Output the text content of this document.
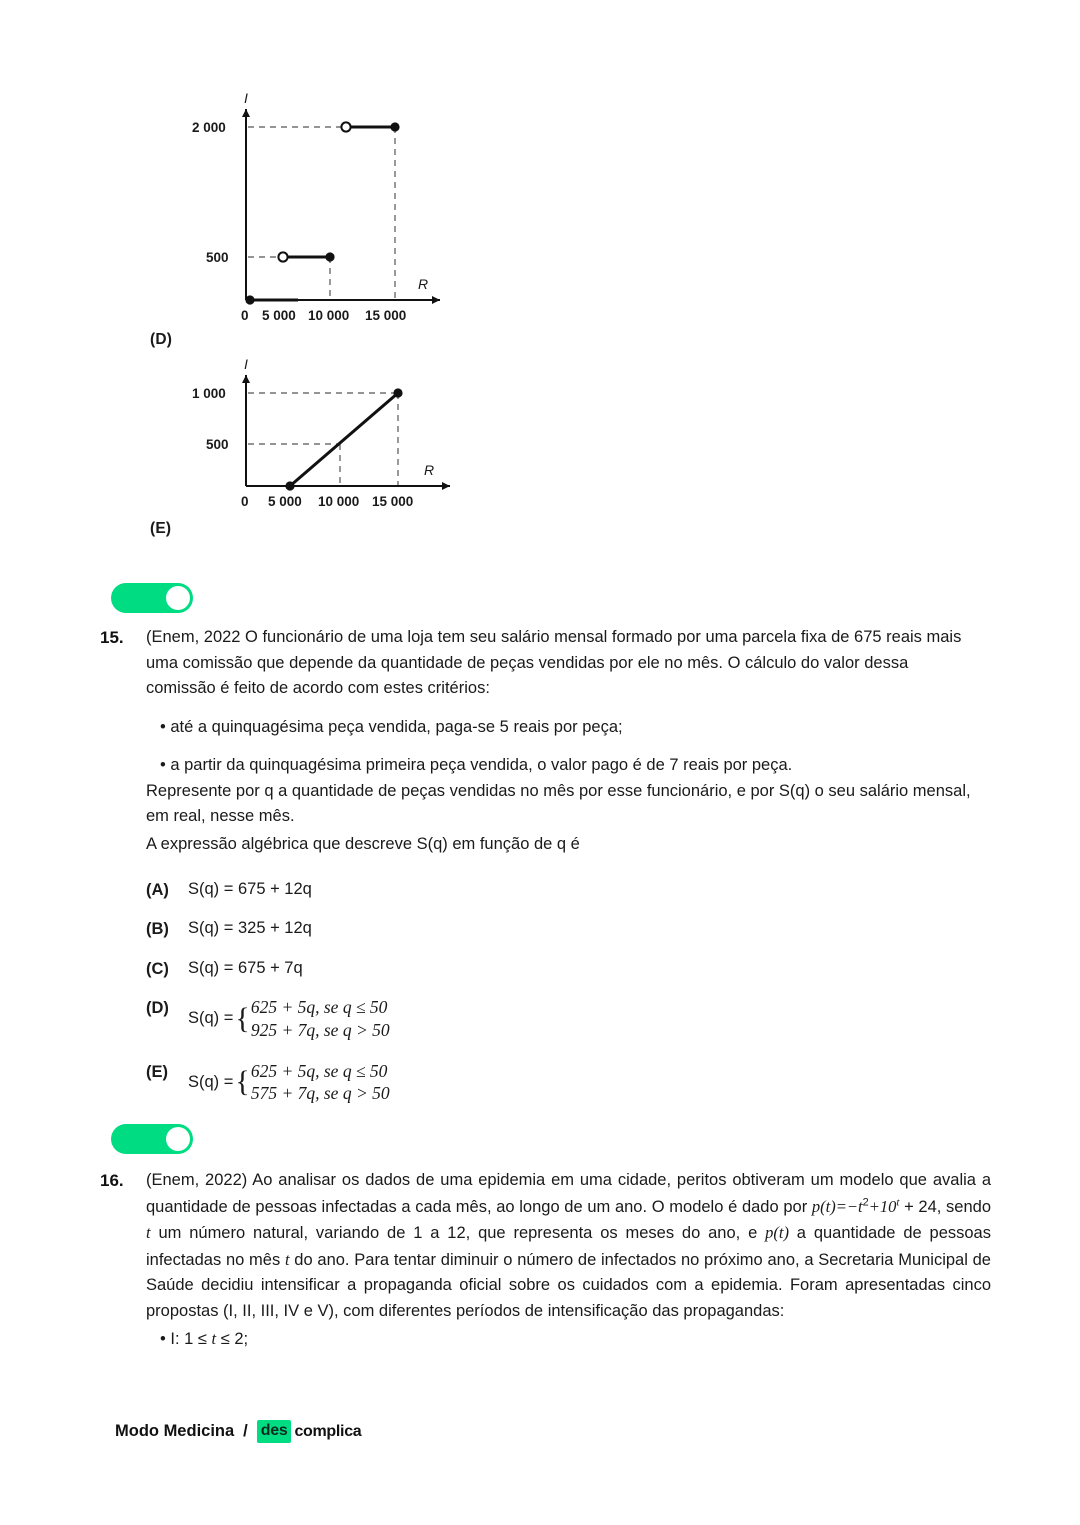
I
R
2 000
500
0 5 000 10 000 15 000
(D)
I
R
1 000
500
0 5 000 10 000 15 000
(E)
15.	(Enem, 2022 O funcionário de uma loja tem seu salário mensal formado por uma parcela fixa de 675 reais mais uma comissão que depende da quantidade de peças vendidas por ele no mês. O cálculo do valor dessa comissão é feito de acordo com estes critérios:

• até a quinquagésima peça vendida, paga-se 5 reais por peça;
• a partir da quinquagésima primeira peça vendida, o valor pago é de 7 reais por peça.

Represente por q a quantidade de peças vendidas no mês por esse funcionário, e por S(q) o seu salário mensal, em real, nesse mês.

A expressão algébrica que descreve S(q) em função de q é

(A)	S(q) = 675 + 12q
(B)	S(q) = 325 + 12q
(C)	S(q) = 675 + 7q
(D)
S(q) = { 625 + 5q, se q ≤ 50
925 + 7q, se q > 50
(E)
S(q) = { 625 + 5q, se q ≤ 50
575 + 7q, se q > 50
16.	(Enem, 2022) Ao analisar os dados de uma epidemia em uma cidade, peritos obtiveram um modelo que avalia a quantidade de pessoas infectadas a cada mês, ao longo de um ano. O modelo é dado por $p(t)=-t^2+10^t + 24$, sendo t um número natural, variando de 1 a 12, que representa os meses do ano, e p(t) a quantidade de pessoas infectadas no mês t do ano. Para tentar diminuir o número de infectados no próximo ano, a Secretaria Municipal de Saúde decidiu intensificar a propaganda oficial sobre os cuidados com a epidemia. Foram apresentadas cinco propostas (I, II, III, IV e V), com diferentes períodos de intensificação das propagandas:

• I: 1 ≤ t ≤ 2;
Modo Medicina / des complica
